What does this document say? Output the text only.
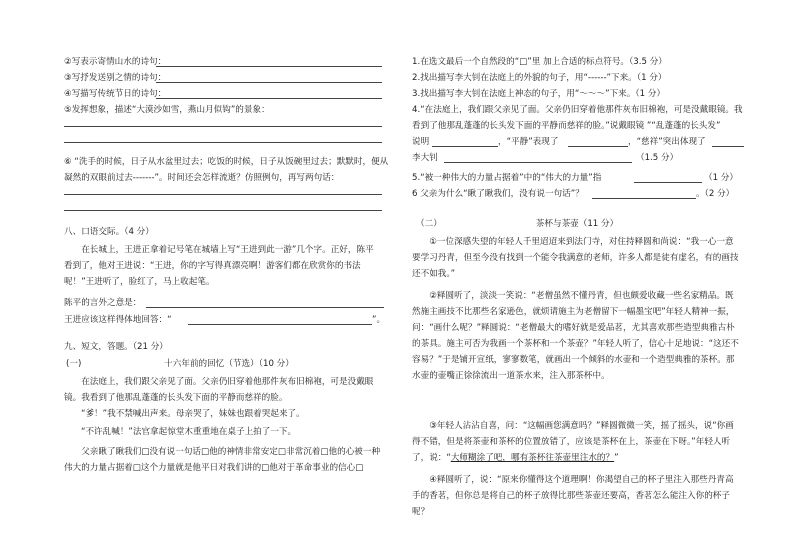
②写表示寄情山水的诗句：
③写抒发送别之情的诗句：
④写描写传统节日的诗句：
⑤发挥想象，描述“大漠沙如雪，燕山月似钩”的景象：
⑥ “洗手的时候，日子从水盆里过去；吃饭的时候，日子从饭碗里过去；默默时，便从
凝然的双眼前过去-------”。时间还会怎样流逝？仿照例句，再写两句话：
八、口语交际。（4 分）
在长城上，王进正拿着记号笔在城墙上写“王进到此一游”几个字。正好，陈平看到了，他对王进说：“王进，你的字写得真漂亮啊！游客们都在欣赏你的书法呢！”王进听了，脸红了，马上收起笔。
陈平的言外之意是：
王进应该这样得体地回答：“	”。
九、短文，答题。（21 分）
(一)	十六年前的回忆（节选）（10 分）
在法庭上，我们跟父亲见了面。父亲仍旧穿着他那件灰布旧棉袍，可是没戴眼镜。我看到了他那乱蓬蓬的长头发下面的平静而慈祥的脸。
“爹！”我不禁喊出声来。母亲哭了，妹妹也跟着哭起来了。
“不许乱喊！”法官拿起惊堂木重重地在桌子上拍了一下。
父亲瞅了瞅我们□没有说一句话□他的神情非常安定□非常沉着□他的心被一种伟大的力量占据着□这个力量就是他平日对我们讲的□他对于革命事业的信心□
1.在选文最后一个自然段的“□”里 加上合适的标点符号。（3.5 分）
2.找出描写李大钊在法庭上的外貌的句子，用“------”下来。（1 分）
3.找出描写李大钊在法庭上神态的句子，用“～～～”下来。（1 分）
4.“在法庭上，我们跟父亲见了面。父亲仍旧穿着他那件灰布旧棉袍，可是没戴眼镜。我
看到了他那乱蓬蓬的长头发下面的平静而慈祥的脸。”说戴眼镜 ”“乱蓬蓬的长头发”
说明	，“平静”表现了	，“慈祥”突出体现了
李大钊	（1.5 分）
5.“被一种伟大的力量占据着”中的“伟大的力量”指	（1 分）
6 父亲为什么“瞅了瞅我们，没有说一句话”？	。（2 分）
（二）	茶杯与茶壶（11 分）
①一位深感失望的年轻人千里迢迢来到法门寺，对住持释圆和尚说：“我一心一意要学习丹青，但至今没有找到一个能令我满意的老师，许多人都是徒有虚名，有的画技还不如我。”
②释圆听了，淡淡一笑说：“老僧虽然不懂丹青，但也颇爱收藏一些名家精品。既然施主画技不比那些名家逊色，就烦请施主为老僧留下一幅墨宝吧”年轻人精神一振，问：“画什么呢？”释圆说：“老僧最大的嗜好就是爱品茗，尤其喜欢那些造型典雅古朴的茶具。施主可否为我画一个茶杯和一个茶壶？”年轻人听了，信心十足地说：“这还不容易？”于是铺开宣纸，寥寥数笔，就画出一个倾斜的水壶和一个造型典雅的茶杯。那水壶的壶嘴正徐徐流出一道茶水来，注入那茶杯中。
③年轻人沾沾自喜，问：“这幅画您满意吗？”释圆微微一笑，摇了摇头，说“你画得不错，但是将茶壶和茶杯的位置放错了，应该是茶杯在上，茶壶在下呀。”年轻人听了，说：“大师糊涂了吧，哪有茶杯往茶壶里注水的？”
④释圆听了，说：“原来你懂得这个道理啊！你渴望自己的杯子里注入那些丹青高手的香茗，但你总是将自己的杯子放得比那些茶壶还要高，香茗怎么能注入你的杯子呢？
